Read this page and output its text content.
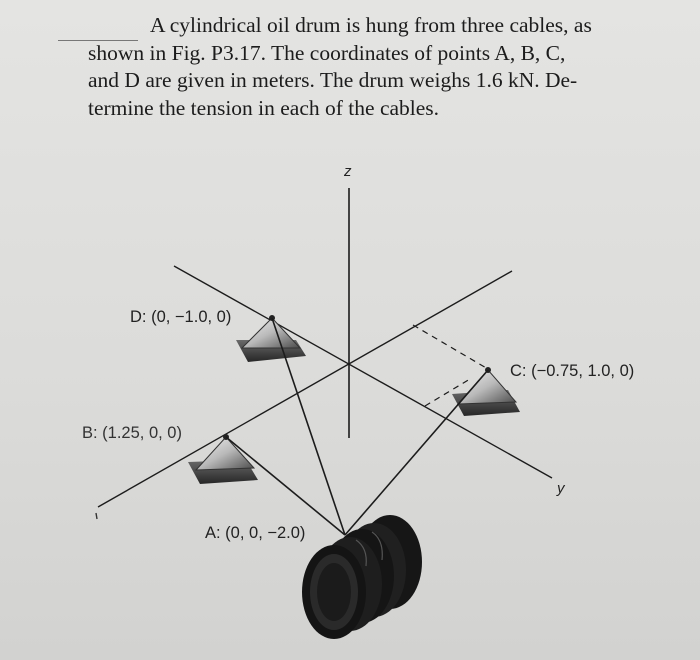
A cylindrical oil drum is hung from three cables, as
shown in Fig. P3.17. The coordinates of points A, B, C,
and D are given in meters. The drum weighs 1.6 kN. De-
termine the tension in each of the cables.
z
y
D: (0, −1.0, 0)
C: (−0.75, 1.0, 0)
B: (1.25, 0, 0)
A: (0, 0, −2.0)
